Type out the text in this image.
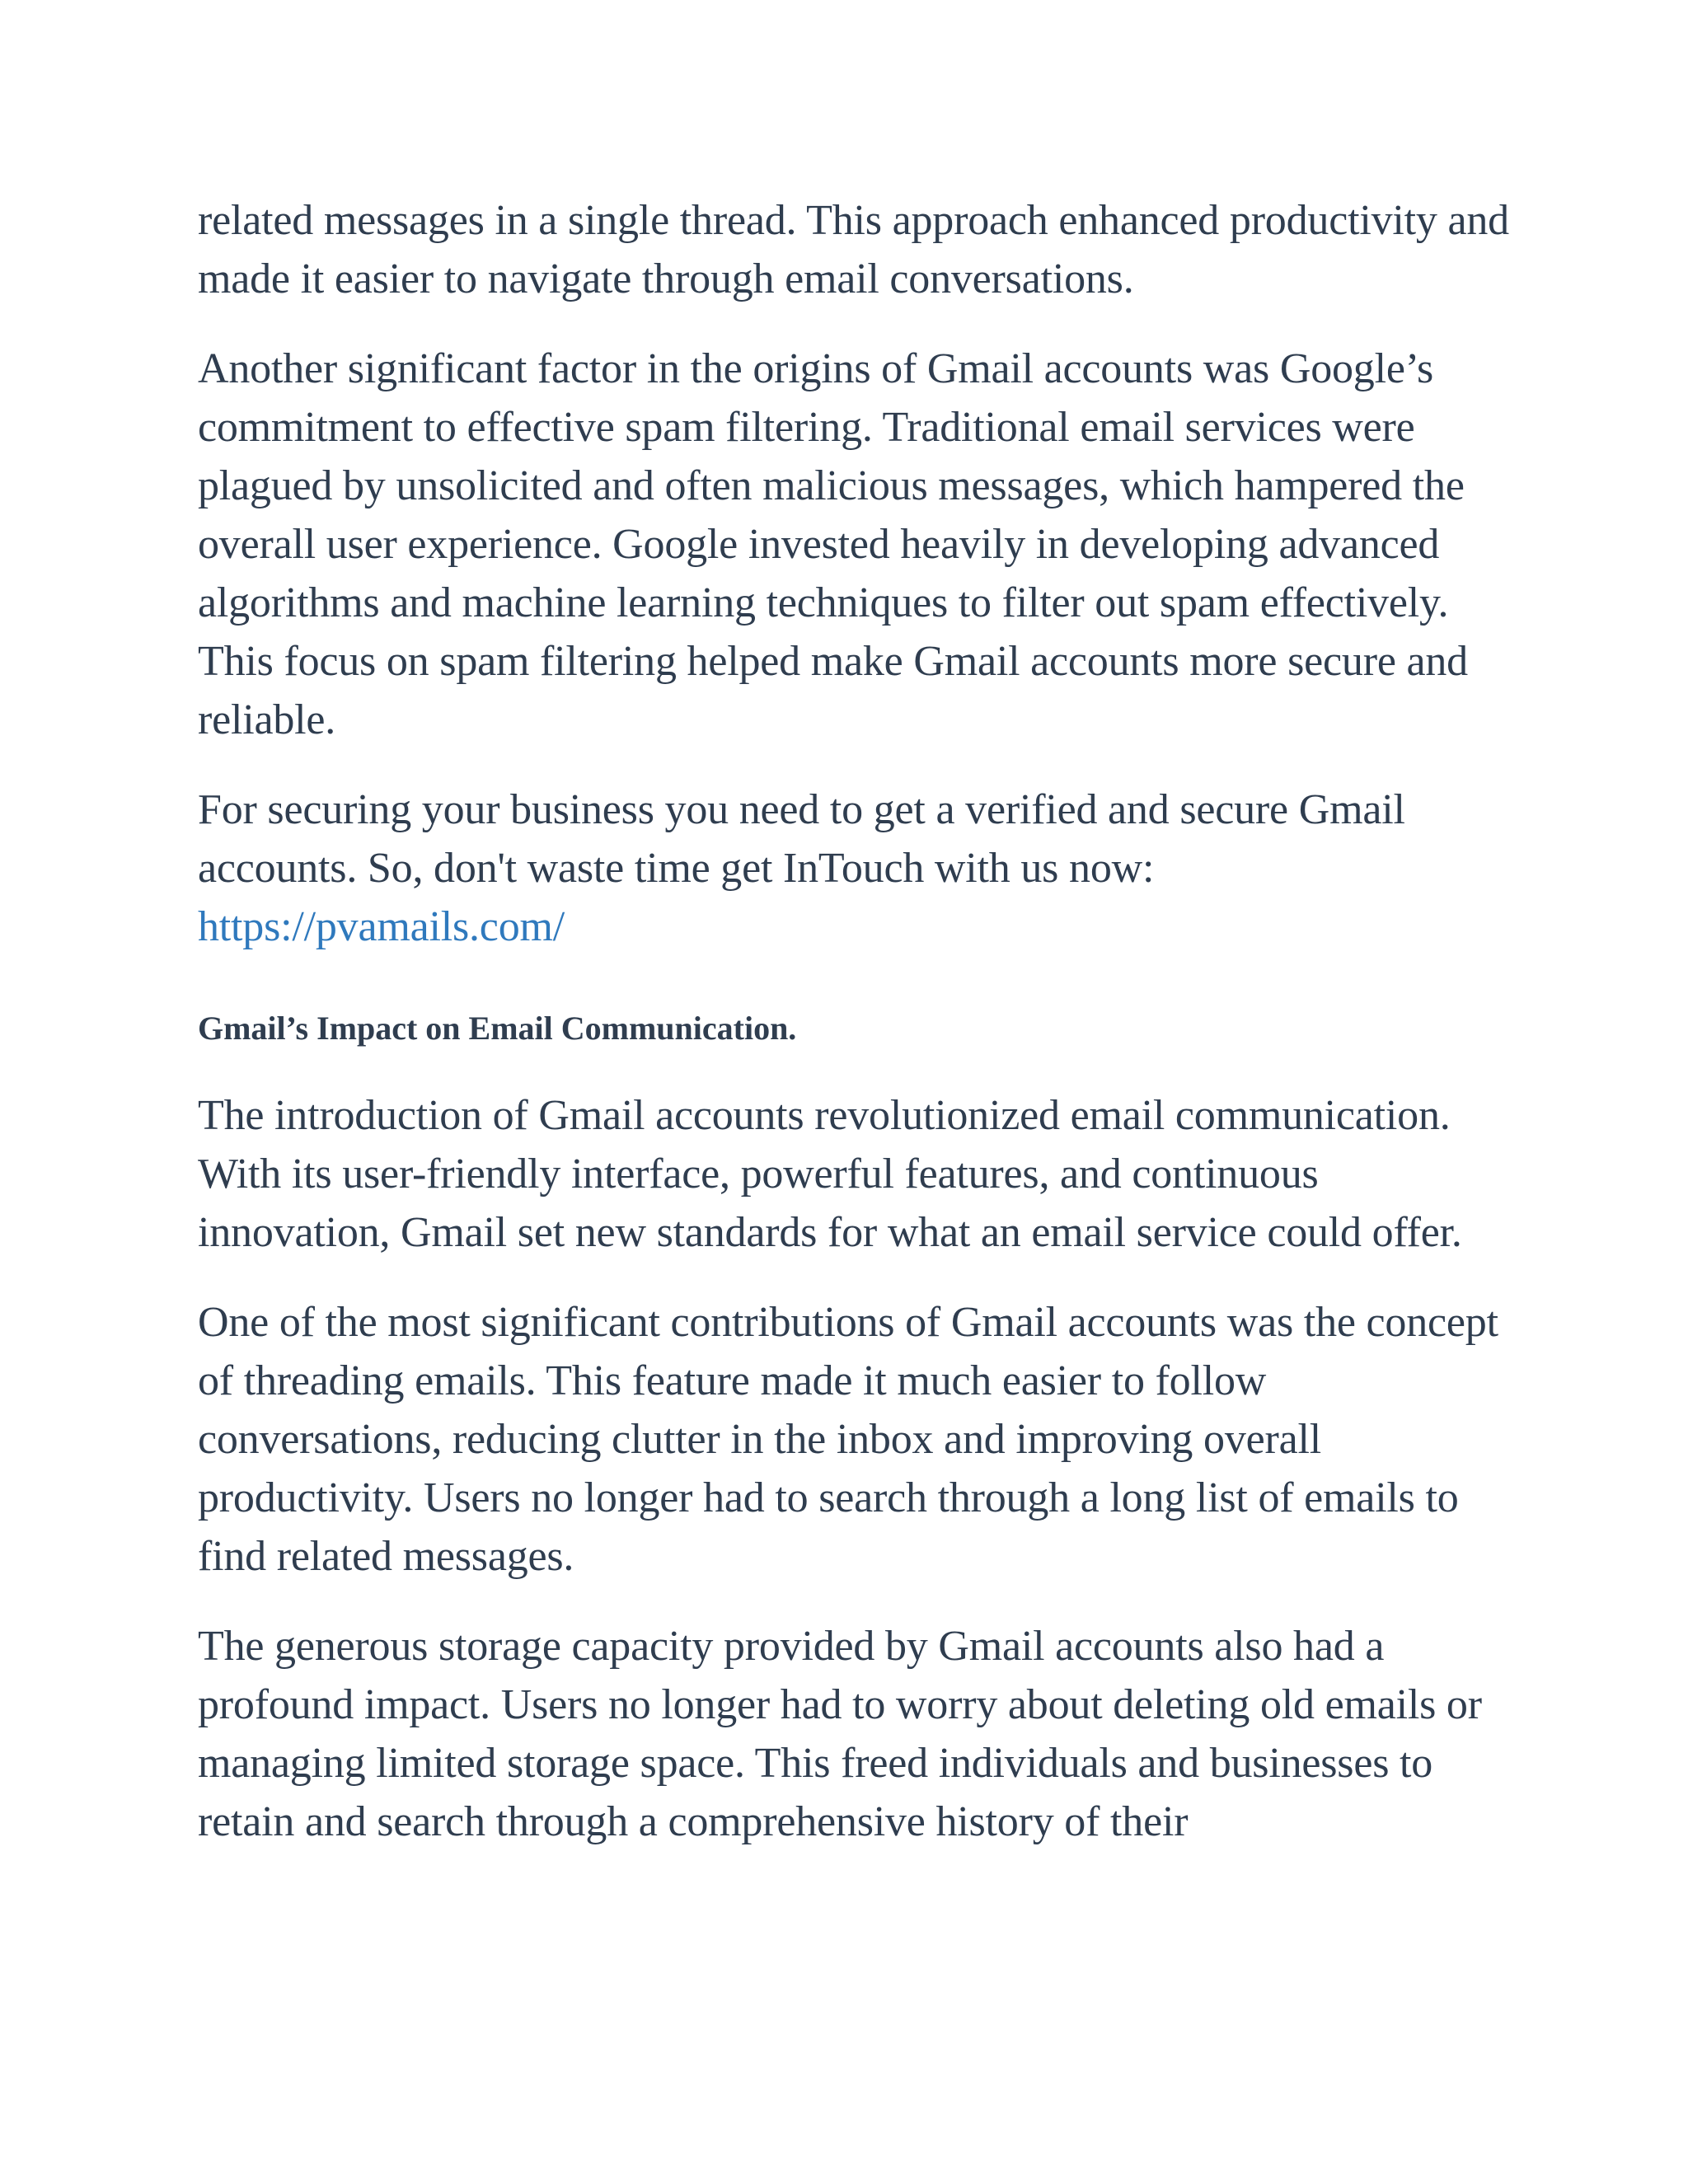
related messages in a single thread. This approach enhanced productivity and made it easier to navigate through email conversations.

Another significant factor in the origins of Gmail accounts was Google’s commitment to effective spam filtering. Traditional email services were plagued by unsolicited and often malicious messages, which hampered the overall user experience. Google invested heavily in developing advanced algorithms and machine learning techniques to filter out spam effectively. This focus on spam filtering helped make Gmail accounts more secure and reliable.

For securing your business you need to get a verified and secure Gmail accounts. So, don't waste time get InTouch with us now:
https://pvamails.com/

Gmail’s Impact on Email Communication.

The introduction of Gmail accounts revolutionized email communication. With its user-friendly interface, powerful features, and continuous innovation, Gmail set new standards for what an email service could offer.

One of the most significant contributions of Gmail accounts was the concept of threading emails. This feature made it much easier to follow conversations, reducing clutter in the inbox and improving overall productivity. Users no longer had to search through a long list of emails to find related messages.

The generous storage capacity provided by Gmail accounts also had a profound impact. Users no longer had to worry about deleting old emails or managing limited storage space. This freed individuals and businesses to retain and search through a comprehensive history of their
